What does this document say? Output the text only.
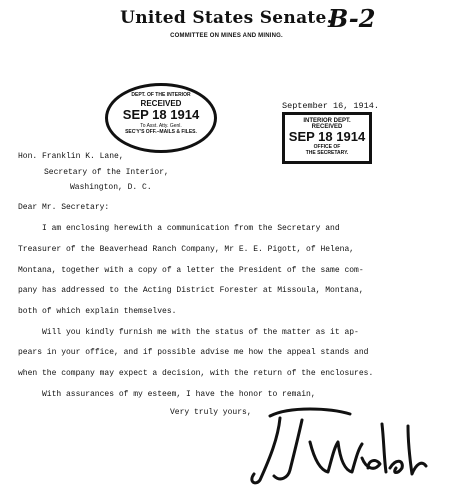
United States Senate.
COMMITTEE ON MINES AND MINING.
B-2
DEPT. OF THE INTERIOR
RECEIVED
SEP 18 1914
To Asst. Atty. Genl.
SEC'Y'S OFF.–MAILS & FILES.
September 16, 1914.
INTERIOR DEPT.
RECEIVED
SEP 18 1914
OFFICE OF
THE SECRETARY.
Hon. Franklin K. Lane,
Secretary of the Interior,
Washington, D. C.
Dear Mr. Secretary:
I am enclosing herewith a communication from the Secretary and
Treasurer of the Beaverhead Ranch Company, Mr E. E. Pigott, of Helena,
Montana, together with a copy of a letter the President of the same com-
pany has addressed to the Acting District Forester at Missoula, Montana,
both of which explain themselves.
Will you kindly furnish me with the status of the matter as it ap-
pears in your office, and if possible advise me how the appeal stands and
when the company may expect a decision, with the return of the enclosures.
With assurances of my esteem, I have the honor to remain,
Very truly yours,
